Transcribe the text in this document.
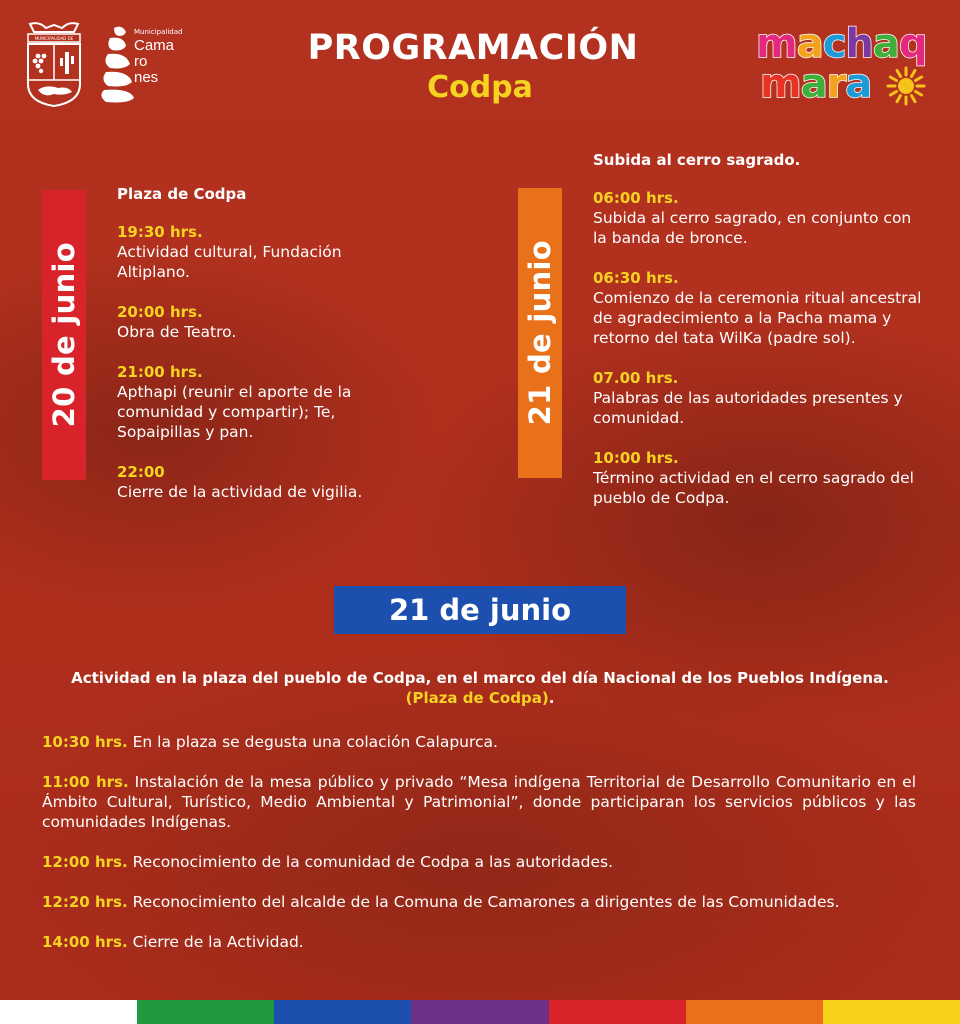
MUNICIPALIDAD DE CAMARONES
Municipalidad
Cama
ro
nes
PROGRAMACIÓN
Codpa
machaq
mara
20 de junio
Plaza de Codpa
19:30 hrs.
Actividad cultural, Fundación Altiplano.
20:00 hrs.
Obra de Teatro.
21:00 hrs.
Apthapi (reunir el aporte de la comunidad y compartir); Te, Sopaipillas y pan.
22:00
Cierre de la actividad de vigilia.
21 de junio
Subida al cerro sagrado.
06:00 hrs.
Subida al cerro sagrado, en conjunto con la banda de bronce.
06:30 hrs.
Comienzo de la ceremonia ritual ancestral de agradecimiento a la Pacha mama y retorno del tata WilKa (padre sol).
07.00 hrs.
Palabras de las autoridades presentes y comunidad.
10:00 hrs.
Término actividad en el cerro sagrado del pueblo de Codpa.
21 de junio
Actividad en la plaza del pueblo de Codpa, en el marco del día Nacional de los Pueblos Indígena.
(Plaza de Codpa).
10:30 hrs. En la plaza se degusta una colación Calapurca.
11:00 hrs. Instalación de la mesa público y privado “Mesa indígena Territorial de Desarrollo Comunitario en el Ámbito Cultural, Turístico, Medio Ambiental y Patrimonial”, donde participaran los servicios públicos y las comunidades Indígenas.
12:00 hrs. Reconocimiento de la comunidad de Codpa a las autoridades.
12:20 hrs. Reconocimiento del alcalde de la Comuna de Camarones a dirigentes de las Comunidades.
14:00 hrs. Cierre de la Actividad.
